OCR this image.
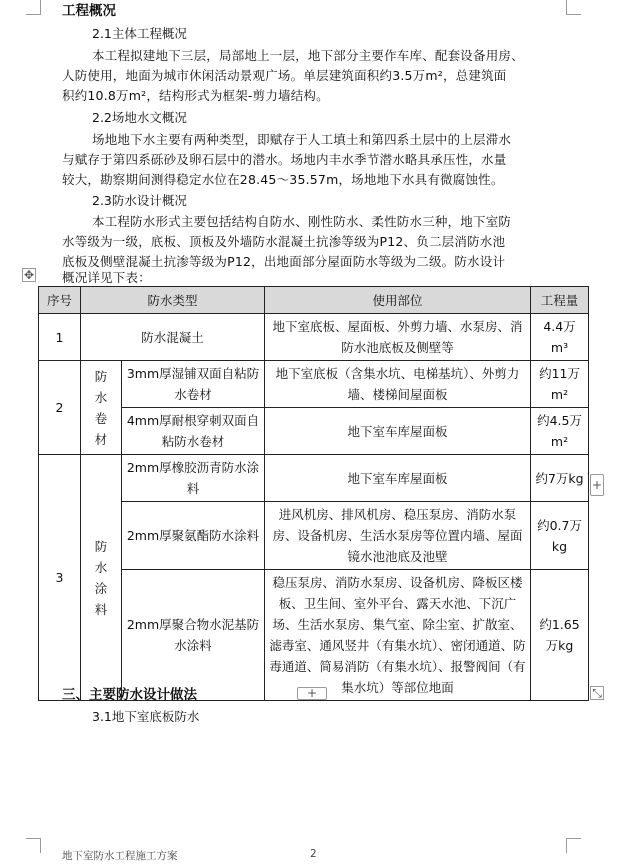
工程概况
2.1主体工程概况
本工程拟建地下三层，局部地上一层，地下部分主要作车库、配套设备用房、
人防使用，地面为城市休闲活动景观广场。单层建筑面积约3.5万m²，总建筑面
积约10.8万m²，结构形式为框架-剪力墙结构。
2.2场地水文概况
场地地下水主要有两种类型，即赋存于人工填土和第四系土层中的上层滞水
与赋存于第四系砾砂及卵石层中的潜水。场地内丰水季节潜水略具承压性，水量
较大，勘察期间测得稳定水位在28.45～35.57m，场地地下水具有微腐蚀性。
2.3防水设计概况
本工程防水形式主要包括结构自防水、刚性防水、柔性防水三种，地下室防
水等级为一级，底板、顶板及外墙防水混凝土抗渗等级为P12、负二层消防水池
底板及侧壁混凝土抗渗等级为P12，出地面部分屋面防水等级为二级。防水设计
概况详见下表：
✥
序号	防水类型		使用部位	工程量
1	防水混凝土		地下室底板、屋面板、外剪力墙、水泵房、消防水池底板及侧壁等	4.4万m³
2	防水卷材	3mm厚湿铺双面自粘防水卷材	地下室底板（含集水坑、电梯基坑）、外剪力墙、楼梯间屋面板	约11万m²
		4mm厚耐根穿刺双面自粘防水卷材	地下室车库屋面板	约4.5万m²
3	防水涂料	2mm厚橡胶沥青防水涂料	地下室车库屋面板	约7万kg
		2mm厚聚氨酯防水涂料	进风机房、排风机房、稳压泵房、消防水泵房、设备机房、生活水泵房等位置内墙、屋面镜水池池底及池壁	约0.7万kg
		2mm厚聚合物水泥基防水涂料	稳压泵房、消防水泵房、设备机房、降板区楼板、卫生间、室外平台、露天水池、下沉广场、生活水泵房、集气室、除尘室、扩散室、滤毒室、通风竖井（有集水坑）、密闭通道、防毒通道、简易消防（有集水坑）、报警阀间（有集水坑）等部位地面	约1.65万kg
+
+	⤡
三、主要防水设计做法
3.1地下室底板防水
地下室防水工程施工方案	2
